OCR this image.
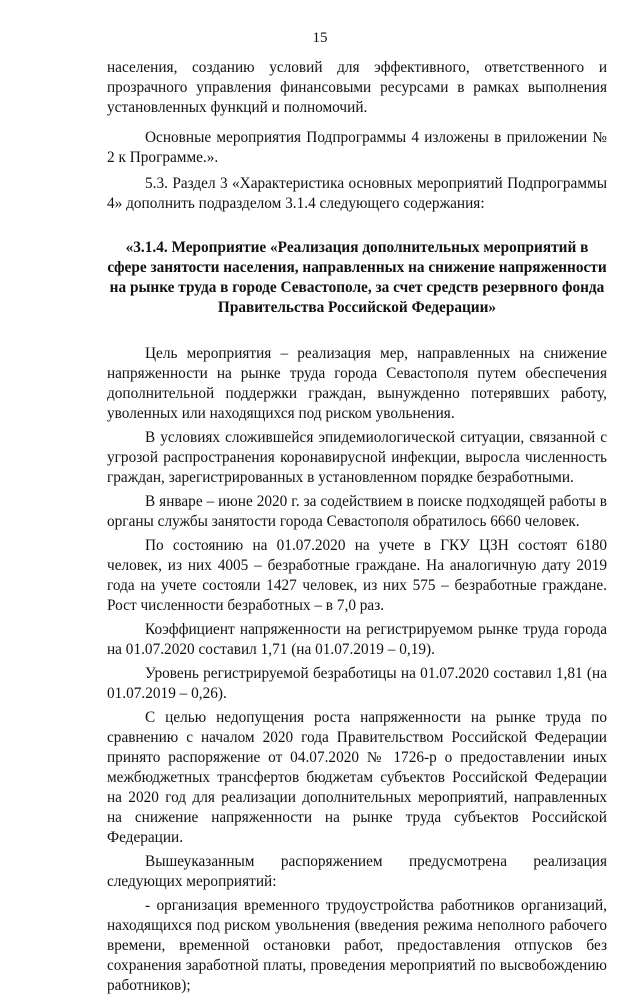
15

населения, созданию условий для эффективного, ответственного и прозрачного управления финансовыми ресурсами в рамках выполнения установленных функций и полномочий.

Основные мероприятия Подпрограммы 4 изложены в приложении № 2 к Программе.».

5.3. Раздел 3 «Характеристика основных мероприятий Подпрограммы 4» дополнить подразделом 3.1.4 следующего содержания:

«3.1.4. Мероприятие «Реализация дополнительных мероприятий в сфере занятости населения, направленных на снижение напряженности на рынке труда в городе Севастополе, за счет средств резервного фонда Правительства Российской Федерации»

Цель мероприятия – реализация мер, направленных на снижение напряженности на рынке труда города Севастополя путем обеспечения дополнительной поддержки граждан, вынужденно потерявших работу, уволенных или находящихся под риском увольнения.

В условиях сложившейся эпидемиологической ситуации, связанной с угрозой распространения коронавирусной инфекции, выросла численность граждан, зарегистрированных в установленном порядке безработными.

В январе – июне 2020 г. за содействием в поиске подходящей работы в органы службы занятости города Севастополя обратилось 6660 человек.

По состоянию на 01.07.2020 на учете в ГКУ ЦЗН состоят 6180 человек, из них 4005 – безработные граждане. На аналогичную дату 2019 года на учете состояли 1427 человек, из них 575 – безработные граждане. Рост численности безработных – в 7,0 раз.

Коэффициент напряженности на регистрируемом рынке труда города на 01.07.2020 составил 1,71 (на 01.07.2019 – 0,19).

Уровень регистрируемой безработицы на 01.07.2020 составил 1,81 (на 01.07.2019 – 0,26).

С целью недопущения роста напряженности на рынке труда по сравнению с началом 2020 года Правительством Российской Федерации принято распоряжение от 04.07.2020 № 1726-р о предоставлении иных межбюджетных трансфертов бюджетам субъектов Российской Федерации на 2020 год для реализации дополнительных мероприятий, направленных на снижение напряженности на рынке труда субъектов Российской Федерации.

Вышеуказанным распоряжением предусмотрена реализация следующих мероприятий:

- организация временного трудоустройства работников организаций, находящихся под риском увольнения (введения режима неполного рабочего времени, временной остановки работ, предоставления отпусков без сохранения заработной платы, проведения мероприятий по высвобождению работников);
